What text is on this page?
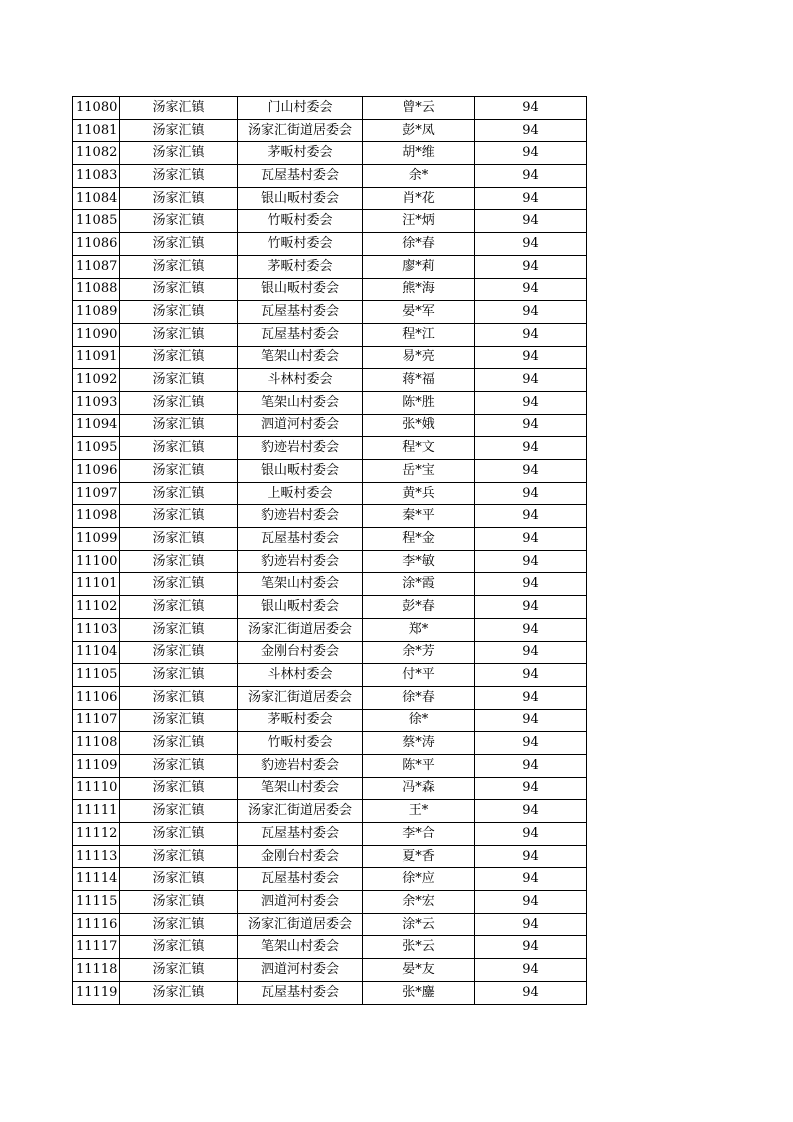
11080	汤家汇镇	门山村委会	曾*云	94
11081	汤家汇镇	汤家汇街道居委会	彭*凤	94
11082	汤家汇镇	茅畈村委会	胡*维	94
11083	汤家汇镇	瓦屋基村委会	余*	94
11084	汤家汇镇	银山畈村委会	肖*花	94
11085	汤家汇镇	竹畈村委会	汪*炳	94
11086	汤家汇镇	竹畈村委会	徐*春	94
11087	汤家汇镇	茅畈村委会	廖*莉	94
11088	汤家汇镇	银山畈村委会	熊*海	94
11089	汤家汇镇	瓦屋基村委会	晏*军	94
11090	汤家汇镇	瓦屋基村委会	程*江	94
11091	汤家汇镇	笔架山村委会	易*亮	94
11092	汤家汇镇	斗林村委会	蒋*福	94
11093	汤家汇镇	笔架山村委会	陈*胜	94
11094	汤家汇镇	泗道河村委会	张*娥	94
11095	汤家汇镇	豹迹岩村委会	程*文	94
11096	汤家汇镇	银山畈村委会	岳*宝	94
11097	汤家汇镇	上畈村委会	黄*兵	94
11098	汤家汇镇	豹迹岩村委会	秦*平	94
11099	汤家汇镇	瓦屋基村委会	程*金	94
11100	汤家汇镇	豹迹岩村委会	李*敏	94
11101	汤家汇镇	笔架山村委会	涂*霞	94
11102	汤家汇镇	银山畈村委会	彭*春	94
11103	汤家汇镇	汤家汇街道居委会	郑*	94
11104	汤家汇镇	金刚台村委会	余*芳	94
11105	汤家汇镇	斗林村委会	付*平	94
11106	汤家汇镇	汤家汇街道居委会	徐*春	94
11107	汤家汇镇	茅畈村委会	徐*	94
11108	汤家汇镇	竹畈村委会	蔡*涛	94
11109	汤家汇镇	豹迹岩村委会	陈*平	94
11110	汤家汇镇	笔架山村委会	冯*森	94
11111	汤家汇镇	汤家汇街道居委会	王*	94
11112	汤家汇镇	瓦屋基村委会	李*合	94
11113	汤家汇镇	金刚台村委会	夏*香	94
11114	汤家汇镇	瓦屋基村委会	徐*应	94
11115	汤家汇镇	泗道河村委会	余*宏	94
11116	汤家汇镇	汤家汇街道居委会	涂*云	94
11117	汤家汇镇	笔架山村委会	张*云	94
11118	汤家汇镇	泗道河村委会	晏*友	94
11119	汤家汇镇	瓦屋基村委会	张*鏖	94
